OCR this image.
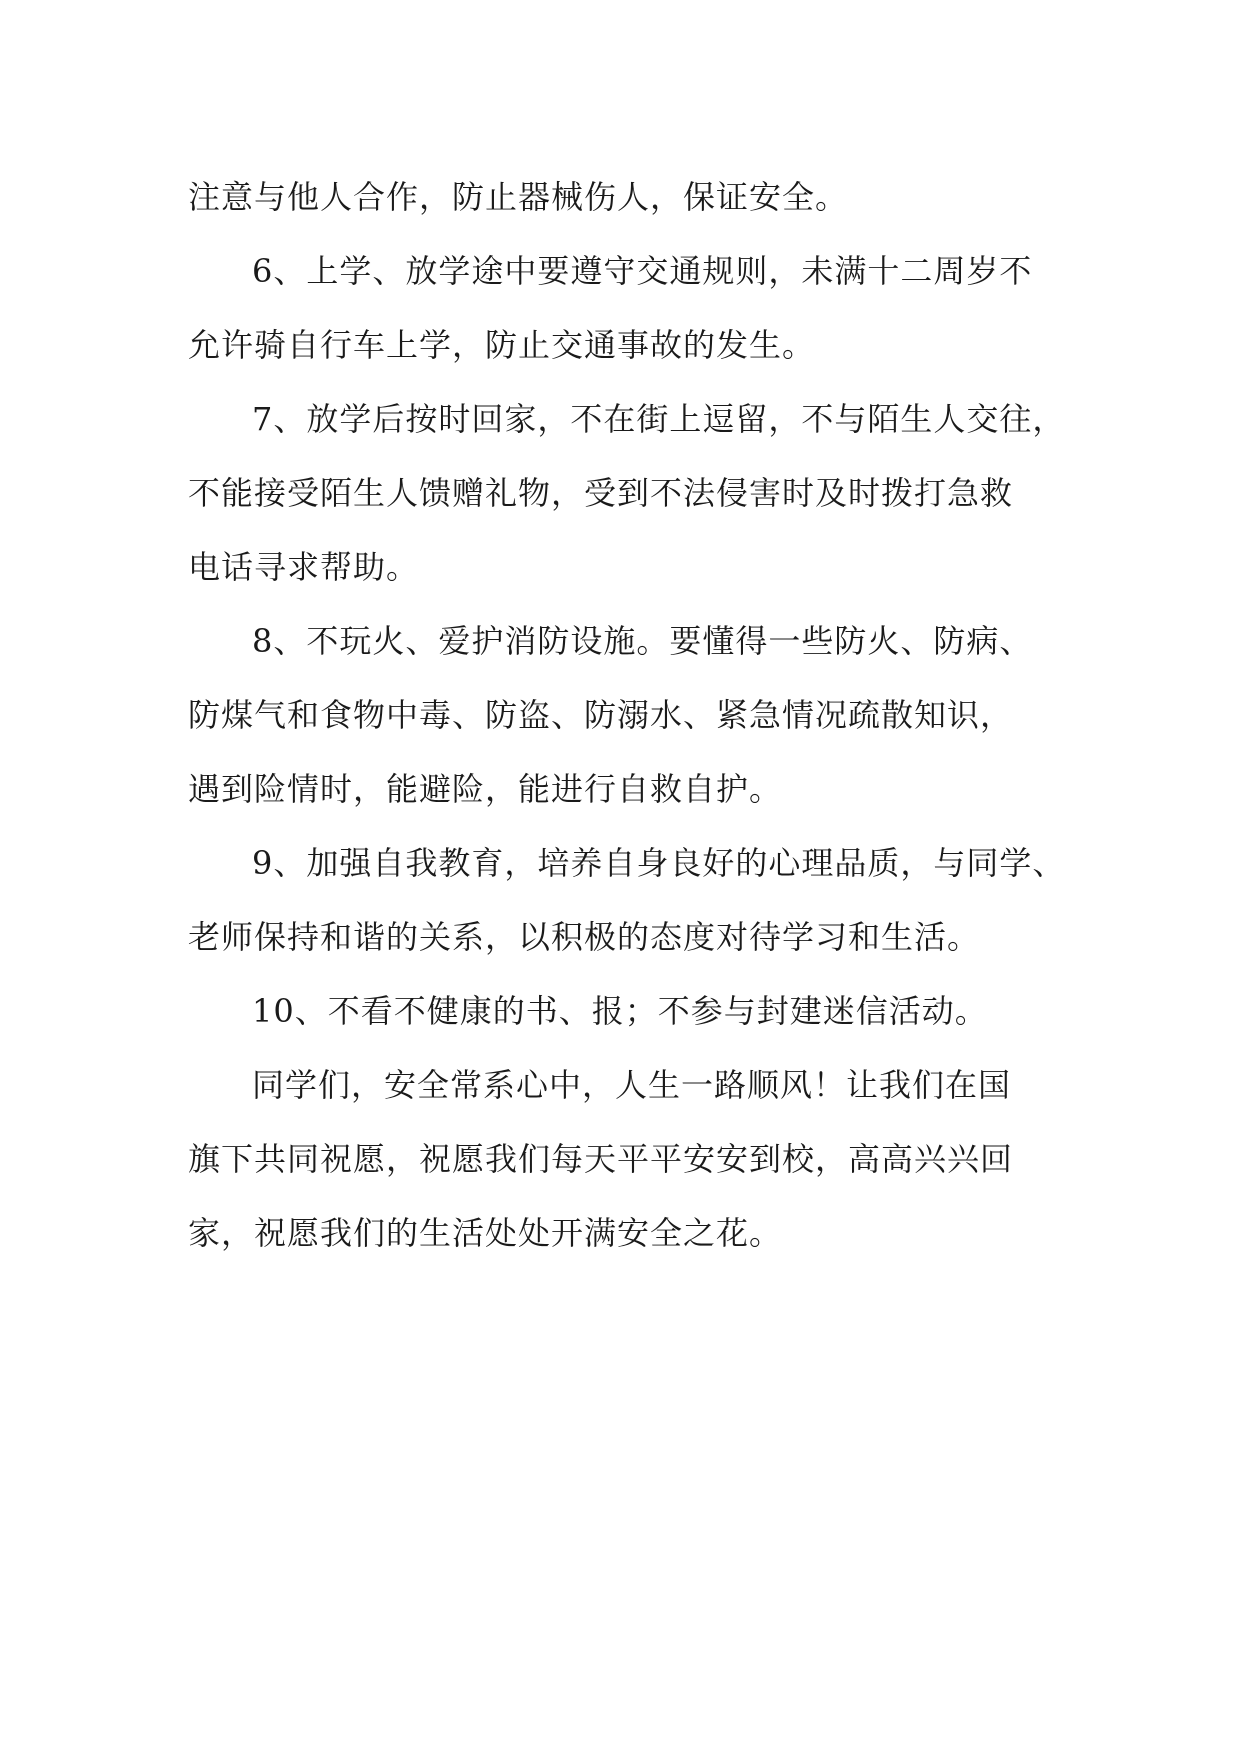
注意与他人合作，防止器械伤人，保证安全。
6、上学、放学途中要遵守交通规则，未满十二周岁不
允许骑自行车上学，防止交通事故的发生。
7、放学后按时回家，不在街上逗留，不与陌生人交往，
不能接受陌生人馈赠礼物，受到不法侵害时及时拨打急救
电话寻求帮助。
8、不玩火、爱护消防设施。要懂得一些防火、防病、
防煤气和食物中毒、防盗、防溺水、紧急情况疏散知识，
遇到险情时，能避险，能进行自救自护。
9、加强自我教育，培养自身良好的心理品质，与同学、
老师保持和谐的关系，以积极的态度对待学习和生活。
10、不看不健康的书、报；不参与封建迷信活动。
同学们，安全常系心中，人生一路顺风！让我们在国
旗下共同祝愿，祝愿我们每天平平安安到校，高高兴兴回
家，祝愿我们的生活处处开满安全之花。
